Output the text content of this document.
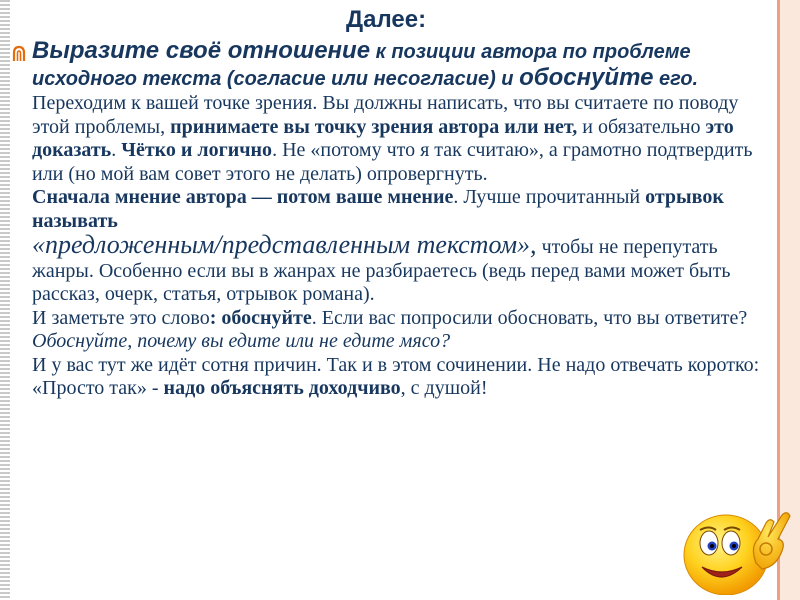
Далее:
Выразите своё отношение к позиции автора по проблеме исходного текста (согласие или несогласие) и обоснуйте его.
Переходим к вашей точке зрения. Вы должны написать, что вы считаете по поводу этой проблемы, принимаете вы точку зрения автора или нет, и обязательно это доказать. Чётко и логично. Не «потому что я так считаю», а грамотно подтвердить или (но мой вам совет этого не делать) опровергнуть.
Сначала мнение автора — потом ваше мнение. Лучше прочитанный отрывок называть
«предложенным/представленным текстом», чтобы не перепутать жанры. Особенно если вы в жанрах не разбираетесь (ведь перед вами может быть рассказ, очерк, статья, отрывок романа).
И заметьте это слово: обоснуйте. Если вас попросили обосновать, что вы ответите?
Обоснуйте, почему вы едите или не едите мясо?
И у вас тут же идёт сотня причин. Так и в этом сочинении. Не надо отвечать коротко: «Просто так» - надо объяснять доходчиво, с душой!
